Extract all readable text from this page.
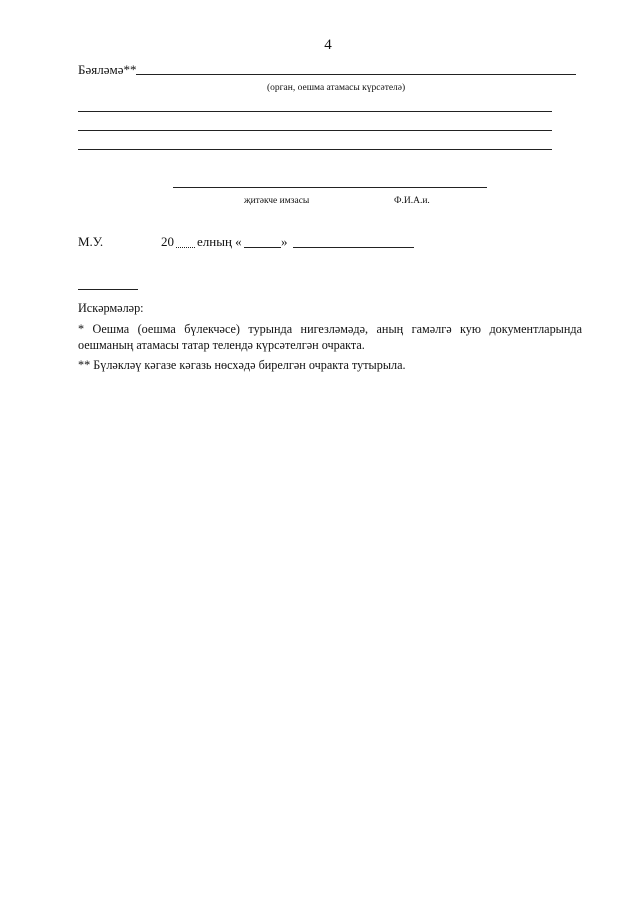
4
Бәяләмә**
(орган, оешма атамасы күрсәтелә)
җитәкче имзасы	Ф.И.А.и.
М.У.	20 елның «	»
Искәрмәләр:
* Оешма (оешма бүлекчәсе) турында нигезләмәдә, аның гамәлгә кую документларында
оешманың атамасы татар телендә күрсәтелгән очракта.
** Бүләкләү кәгазе кәгазь нөсхәдә бирелгән очракта тутырыла.
